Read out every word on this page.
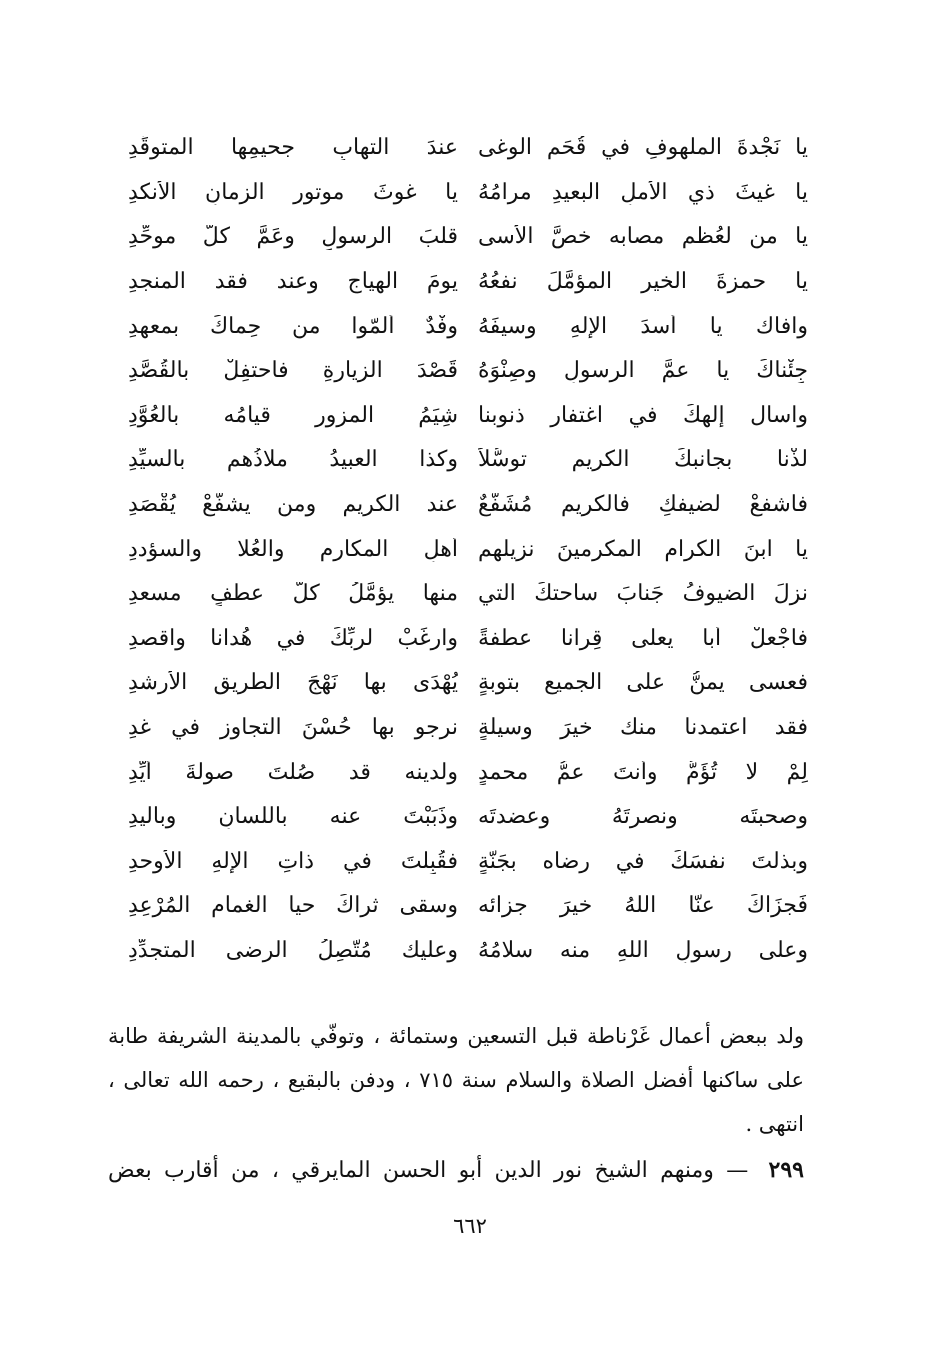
يا نَجْدةَ الملهوفِ في قُحَمِ الوغى
عندَ التهابِ جحيمِها المتوقِّدِ
يا غيثَ ذي الأملِ البعيدِ مرامُهُ
يا غوثَ موتورِ الزمانِ الأنكدِ
يا من لعُظْمِ مصابه خصَّ الأسى
قلبَ الرسولِ وعَمَّ كلَّ موحِّدِ
يا حمزةَ الخيرِ المؤمَّلَ نفعُهُ
يومَ الهياجِ وعند فقد المنجدِ
وافاك يا أسدَ الإلهِ وسيفَهُ
وفْدٌ أَلَمّوا من حِماكَ بمعهدِ
جِئْناكَ يا عمَّ الرسولِ وصِنْوَهُ
قَصْدَ الزيارةِ فاحتفِلْ بالقُصَّدِ
واسأل إلهكَ في اغتفارِ ذنوبنا
شِيَمُ المزورِ قيامُه بالعُوَّدِ
لُذْنا بجانبكَ الكريمِ توسُّلاً
وكذا العبيدُ ملاذُهم بالسيِّدِ
فاشفعْ لضيفكِ فالكريمِ مُشَفَّعٌ
عند الكريمِ ومن يشفَّعْ يُقْصَدِ
يا ابنَ الكرامِ المكرمينَ نزيلهم
أهلِ المكارمِ والعُلا والسؤددِ
نزلَ الضيوفُ جَنابَ ساحتكَ التي
منها يؤمَّلُ كلُّ عطفٍ مسعدِ
فاجْعلْ أبا يعلى قِرانا عطفةً
وارغَبْ لربِّكَ في هُدانا واقصدِ
فعسى يمنُّ على الجميعِ بتوبةٍ
يُهْدَى بها نَهْجَ الطريقِ الأرشدِ
فقد اعتمدنا منك خيرَ وسيلةٍ
نرجو بها حُسْنَ التجاوزِ في غدِ
لِمْ لا تُؤَمُّ وأنتَ عمُّ محمدٍ
ولدينه قد صُلْتَ صولةَ أيِّدِ
وصحبتَه ونصرتَهُ وعضدتَه
وذَبَبْتَ عنه باللسانِ وباليدِ
وبذلتَ نفسَكَ في رضاه بجَنَّةٍ
فقُبِلْتَ في ذاتِ الإلهِ الأوحدِ
فَجزَاكَ عنّا اللهُ خيرَ جزائه
وسقى ثراكَ حيا الغمامِ المُرْعِدِ
وعلى رسولِ اللهِ منه سلامُهُ
وعليك مُتَّصِلُ الرضى المتجدِّدِ

ولد ببعض أعمال غَرْناطة قبل التسعين وستمائة ، وتوفّي بالمدينة الشريفة طابة على ساكنها أفضل الصلاة والسلام سنة ٧١٥ ، ودفن بالبقيع ، رحمه الله تعالى ، انتهى .

٢٩٩ — ومنهم الشيخ نور الدين أبو الحسن المايرقي ، من أقارب بعض
٦٦٢
